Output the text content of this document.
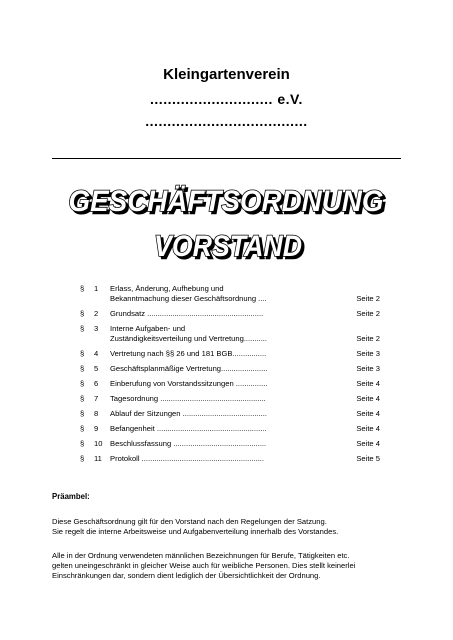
Kleingartenverein
............................ e.V.
.....................................
GESCHÄFTSORDNUNG
VORSTAND
§ 1 Erlass, Änderung, Aufhebung und
Bekanntmachung dieser Geschäftsordnung ....	Seite 2
§ 2 Grundsatz .......................................................	Seite 2
§ 3 Interne Aufgaben- und
Zuständigkeitsverteilung und Vertretung...........	Seite 2
§ 4 Vertretung nach §§ 26 und 181 BGB................	Seite 3
§ 5 Geschäftsplanmäßige Vertretung......................	Seite 3
§ 6 Einberufung von Vorstandssitzungen ...............	Seite 4
§ 7 Tagesordnung ..................................................	Seite 4
§ 8 Ablauf der Sitzungen ........................................	Seite 4
§ 9 Befangenheit ....................................................	Seite 4
§ 10 Beschlussfassung ............................................	Seite 4
§ 11 Protokoll ..........................................................	Seite 5
Präambel:
Diese Geschäftsordnung gilt für den Vorstand nach den Regelungen der Satzung.
Sie regelt die interne Arbeitsweise und Aufgabenverteilung innerhalb des Vorstandes.
Alle in der Ordnung verwendeten männlichen Bezeichnungen für Berufe, Tätigkeiten etc.
gelten uneingeschränkt in gleicher Weise auch für weibliche Personen. Dies stellt keinerlei
Einschränkungen dar, sondern dient lediglich der Übersichtlichkeit der Ordnung.
